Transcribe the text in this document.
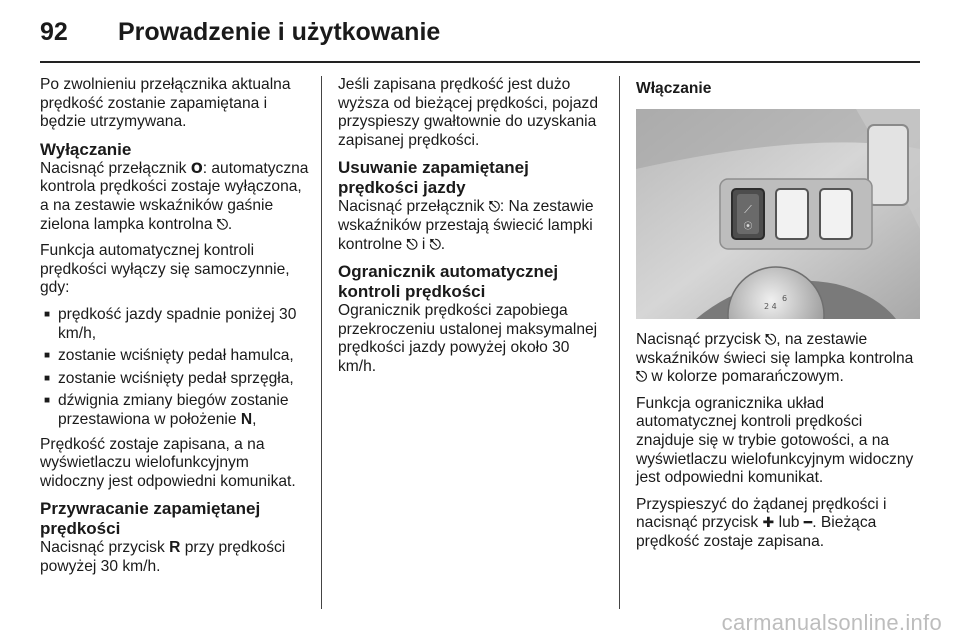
92 Prowadzenie i użytkowanie

Po zwolnieniu przełącznika aktualna prędkość zostanie zapamiętana i będzie utrzymywana.

Wyłączanie

Nacisnąć przełącznik O: automatyczna kontrola prędkości zostaje wyłączona, a na zestawie wskaźników gaśnie zielona lampka kontrolna ⎋.

Funkcja automatycznej kontroli prędkości wyłączy się samoczynnie, gdy:

■ prędkość jazdy spadnie poniżej 30 km/h,
■ zostanie wciśnięty pedał hamulca,
■ zostanie wciśnięty pedał sprzęgła,
■ dźwignia zmiany biegów zostanie przestawiona w położenie N,

Prędkość zostaje zapisana, a na wyświetlaczu wielofunkcyjnym widoczny jest odpowiedni komunikat.

Przywracanie zapamiętanej prędkości

Nacisnąć przycisk R przy prędkości powyżej 30 km/h.

Jeśli zapisana prędkość jest dużo wyższa od bieżącej prędkości, pojazd przyspieszy gwałtownie do uzyskania zapisanej prędkości.

Usuwanie zapamiętanej prędkości jazdy

Nacisnąć przełącznik ⎋: Na zestawie wskaźników przestają świecić lampki kontrolne ⎋ i ⎋.

Ogranicznik automatycznej kontroli prędkości

Ogranicznik prędkości zapobiega przekroczeniu ustalonej maksymalnej prędkości jazdy powyżej około 30 km/h.

Włączanie
⟋
⦿
2 4
6

Nacisnąć przycisk ⎋, na zestawie wskaźników świeci się lampka kontrolna ⎋ w kolorze pomarańczowym.

Funkcja ogranicznika układ automatycznej kontroli prędkości znajduje się w trybie gotowości, a na wyświetlaczu wielofunkcyjnym widoczny jest odpowiedni komunikat.

Przyspieszyć do żądanej prędkości i nacisnąć przycisk ✚ lub ━. Bieżąca prędkość zostaje zapisana.

carmanualsonline.info
